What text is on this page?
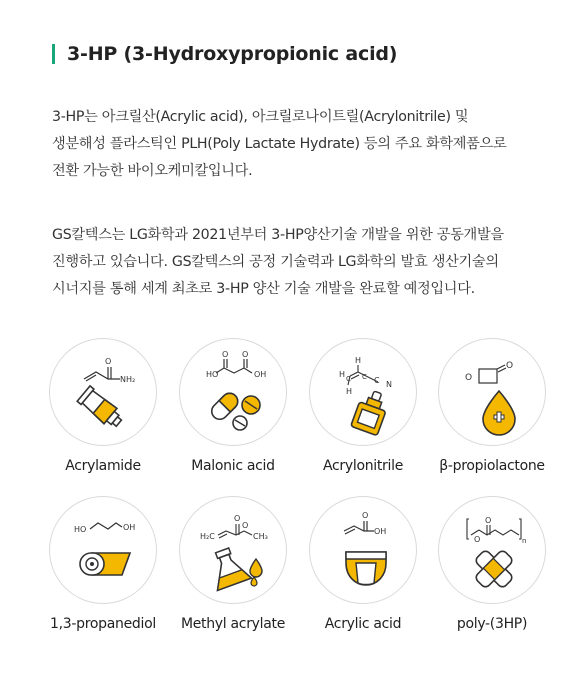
3-HP (3-Hydroxypropionic acid)
3-HP는 아크릴산(Acrylic acid), 아크릴로나이트릴(Acrylonitrile) 및
생분해성 플라스틱인 PLH(Poly Lactate Hydrate) 등의 주요 화학제품으로
전환 가능한 바이오케미칼입니다.
GS칼텍스는 LG화학과 2021년부터 3-HP양산기술 개발을 위한 공동개발을
진행하고 있습니다. GS칼텍스의 공정 기술력과 LG화학의 발효 생산기술의
시너지를 통해 세계 최초로 3-HP 양산 기술 개발을 완료할 예정입니다.
O
NH₂
Acrylamide
HO	OH
O O
Malonic acid
H
H C C
H
C N
Acrylonitrile
O
O
β-propiolactone
HO	OH
1,3-propanediol
H₂C
O
O
CH₃
Methyl acrylate
O
OH
Acrylic acid
O
O	n
poly-(3HP)
